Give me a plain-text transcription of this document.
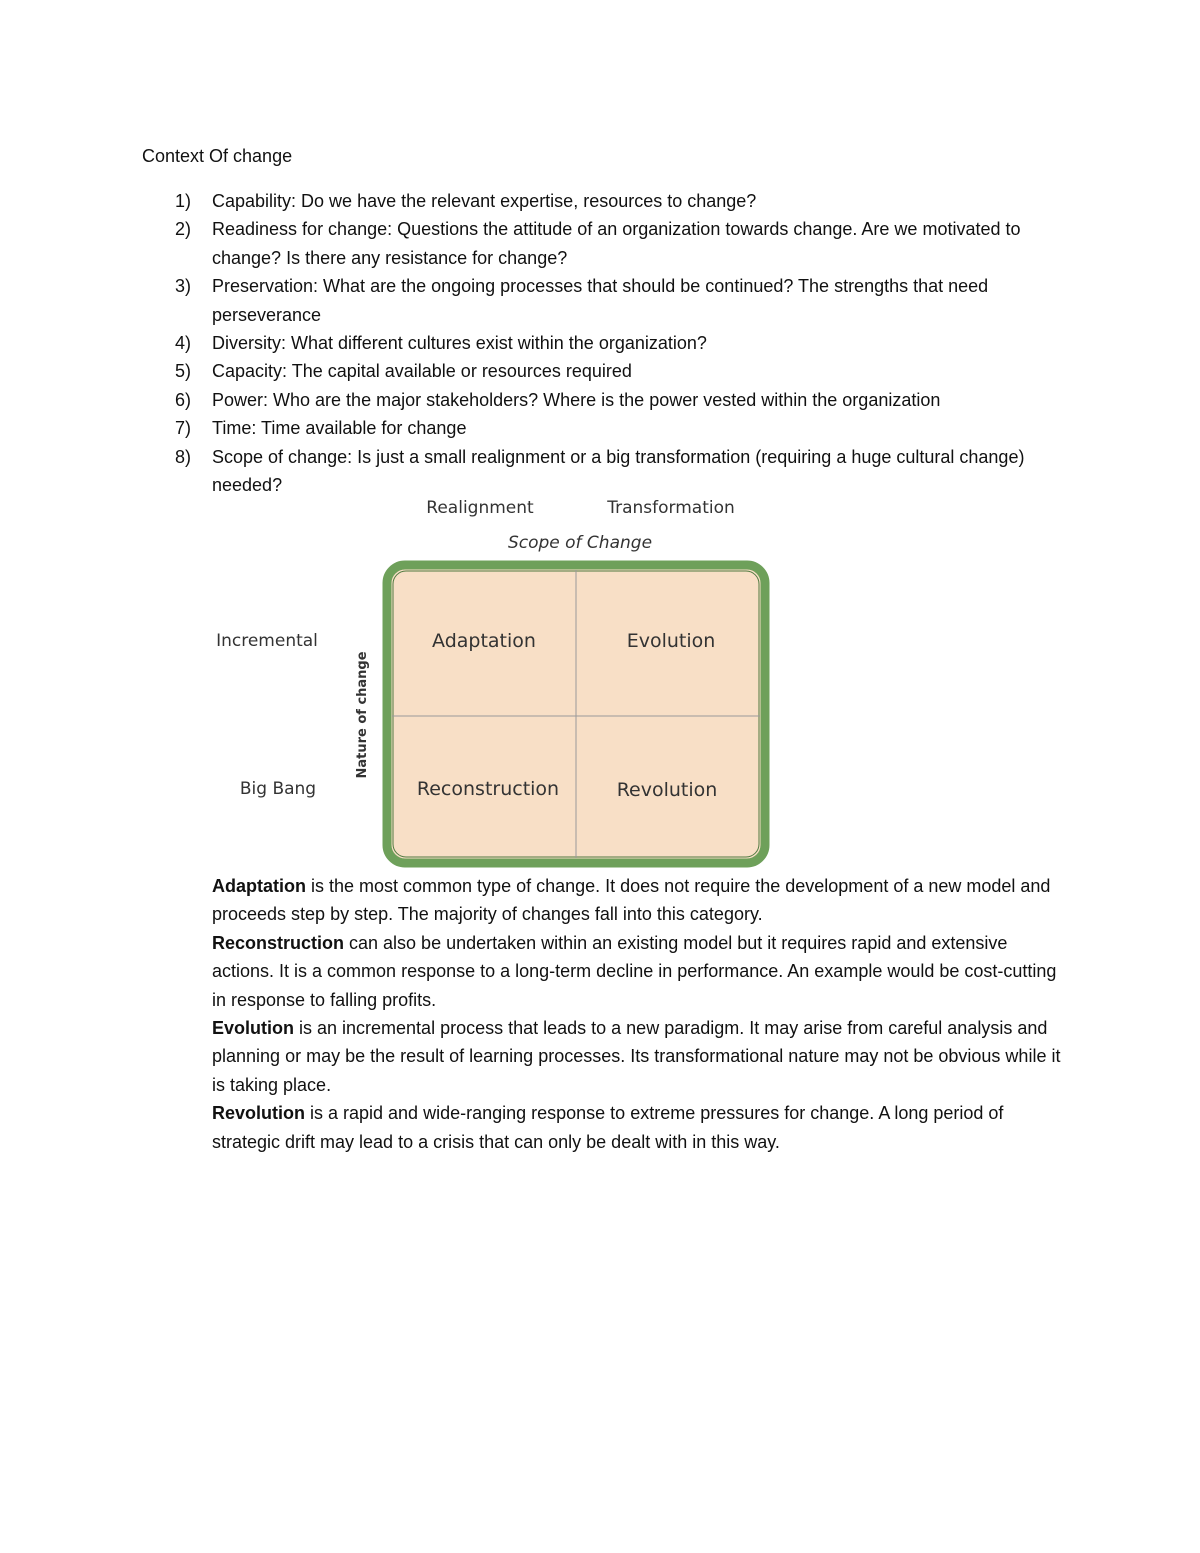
Context Of change
1) Capability: Do we have the relevant expertise, resources to change?
2) Readiness for change: Questions the attitude of an organization towards change. Are we motivated to change? Is there any resistance for change?
3) Preservation: What are the ongoing processes that should be continued? The strengths that need perseverance
4) Diversity: What different cultures exist within the organization?
5) Capacity: The capital available or resources required
6) Power: Who are the major stakeholders? Where is the power vested within the organization
7) Time: Time available for change
8) Scope of change: Is just a small realignment or a big transformation (requiring a huge cultural change) needed?
Realignment	Transformation
Scope of Change
Incremental
Big Bang
Nature of change
Adaptation	Evolution
Reconstruction	Revolution

Adaptation is the most common type of change. It does not require the development of a new model and proceeds step by step. The majority of changes fall into this category.

Reconstruction can also be undertaken within an existing model but it requires rapid and extensive actions. It is a common response to a long-term decline in performance. An example would be cost-cutting in response to falling profits.

Evolution is an incremental process that leads to a new paradigm. It may arise from careful analysis and planning or may be the result of learning processes. Its transformational nature may not be obvious while it is taking place.

Revolution is a rapid and wide-ranging response to extreme pressures for change. A long period of strategic drift may lead to a crisis that can only be dealt with in this way.
